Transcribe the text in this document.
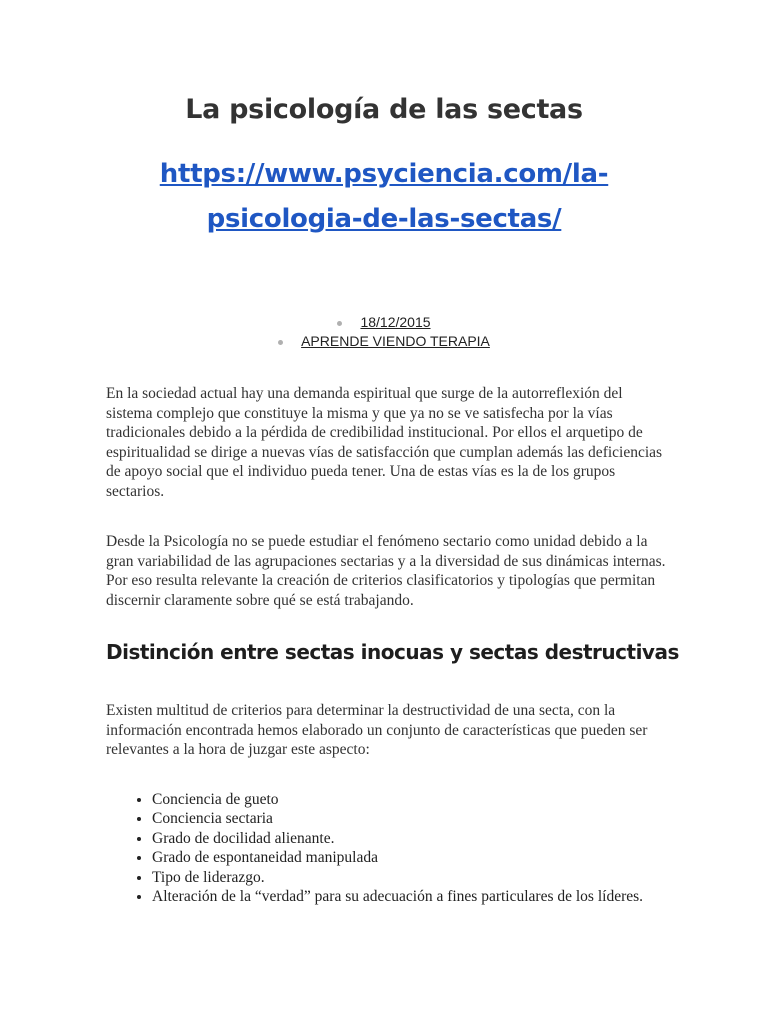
La psicología de las sectas
https://www.psyciencia.com/la-psicologia-de-las-sectas/
18/12/2015
APRENDE VIENDO TERAPIA

En la sociedad actual hay una demanda espiritual que surge de la autorreflexión del sistema complejo que constituye la misma y que ya no se ve satisfecha por la vías tradicionales debido a la pérdida de credibilidad institucional. Por ellos el arquetipo de espiritualidad se dirige a nuevas vías de satisfacción que cumplan además las deficiencias de apoyo social que el individuo pueda tener. Una de estas vías es la de los grupos sectarios.

Desde la Psicología no se puede estudiar el fenómeno sectario como unidad debido a la gran variabilidad de las agrupaciones sectarias y a la diversidad de sus dinámicas internas. Por eso resulta relevante la creación de criterios clasificatorios y tipologías que permitan discernir claramente sobre qué se está trabajando.

Distinción entre sectas inocuas y sectas destructivas

Existen multitud de criterios para determinar la destructividad de una secta, con la información encontrada hemos elaborado un conjunto de características que pueden ser relevantes a la hora de juzgar este aspecto:

• Conciencia de gueto
• Conciencia sectaria
• Grado de docilidad alienante.
• Grado de espontaneidad manipulada
• Tipo de liderazgo.
• Alteración de la “verdad” para su adecuación a fines particulares de los líderes.
